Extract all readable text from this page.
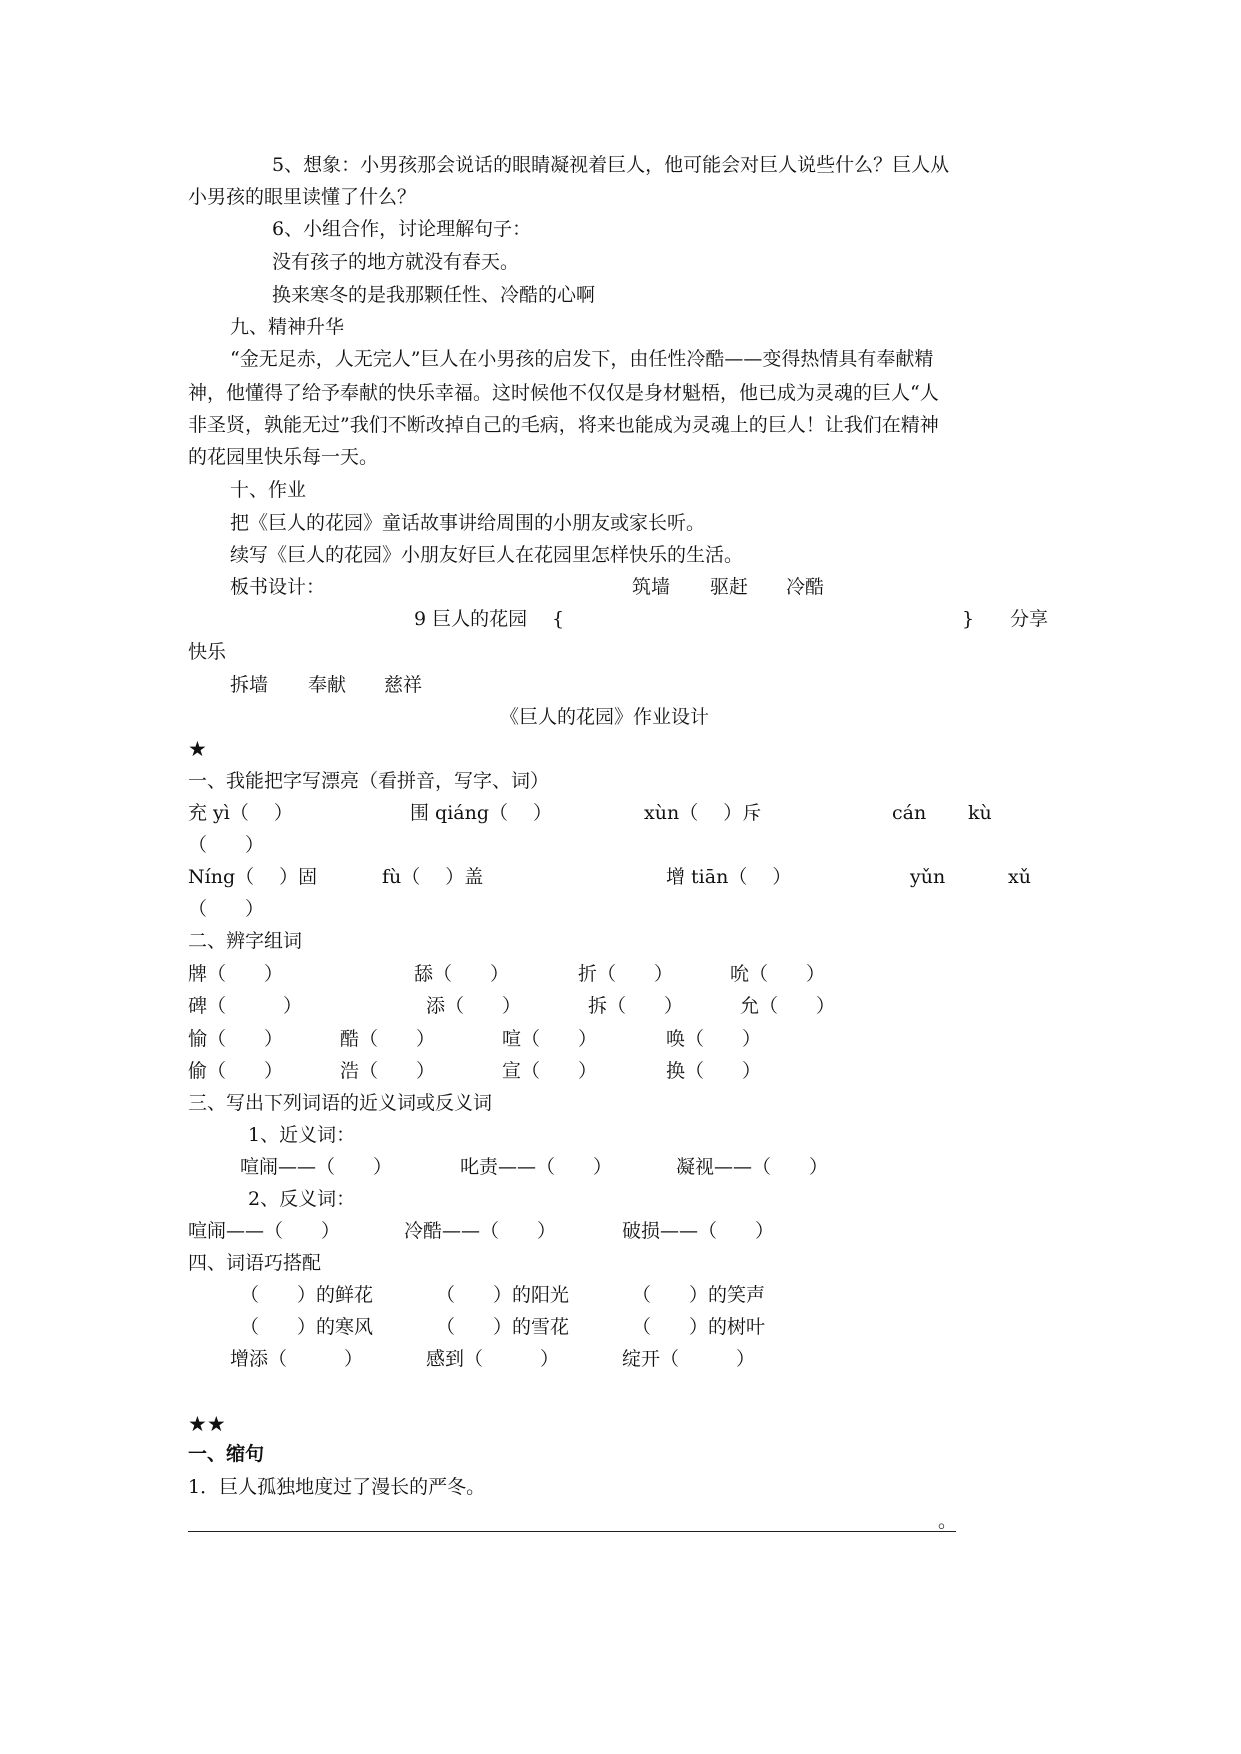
5、想象：小男孩那会说话的眼睛凝视着巨人，他可能会对巨人说些什么？巨人从
小男孩的眼里读懂了什么？
6、小组合作，讨论理解句子：
没有孩子的地方就没有春天。
换来寒冬的是我那颗任性、冷酷的心啊
九、精神升华
“金无足赤，人无完人”巨人在小男孩的启发下，由任性冷酷——变得热情具有奉献精
神，他懂得了给予奉献的快乐幸福。这时候他不仅仅是身材魁梧，他已成为灵魂的巨人“人
非圣贤，孰能无过”我们不断改掉自己的毛病，将来也能成为灵魂上的巨人！让我们在精神
的花园里快乐每一天。
十、作业
把《巨人的花园》童话故事讲给周围的小朋友或家长听。
续写《巨人的花园》小朋友好巨人在花园里怎样快乐的生活。
板书设计：	筑墙 驱赶 冷酷
9 巨人的花园 {	} 分享
快乐
拆墙 奉献 慈祥
《巨人的花园》作业设计
★
一、我能把字写漂亮（看拼音，写字、词）
充 yì（　 ）	围 qiáng（　 ）	xùn（　 ）斥	cán kù
（　　）
Níng（　 ）固	fù（　 ）盖	增 tiān（　 ）	yǔn	xǔ
（　　）
二、辨字组词
牌（　　）	舔（　　）	折（　　）	吮（　　）
碑（　　　）	添（　　）	拆（　　）	允（　　）
愉（　　）	酷（　　）	喧（　　）	唤（　　）
偷（　　）	浩（　　）	宣（　　）	换（　　）
三、写出下列词语的近义词或反义词
1、近义词：
喧闹——（　　）	叱责——（　　）	凝视——（　　）
2、反义词：
喧闹——（　　）	冷酷——（　　）	破损——（　　）
四、词语巧搭配
（　　）的鲜花	（　　）的阳光	（　　）的笑声
（　　）的寒风	（　　）的雪花	（　　）的树叶
增添（　　　）	感到（　　　）	绽开（　　　）
★★
一、缩句
1．巨人孤独地度过了漫长的严冬。
。
